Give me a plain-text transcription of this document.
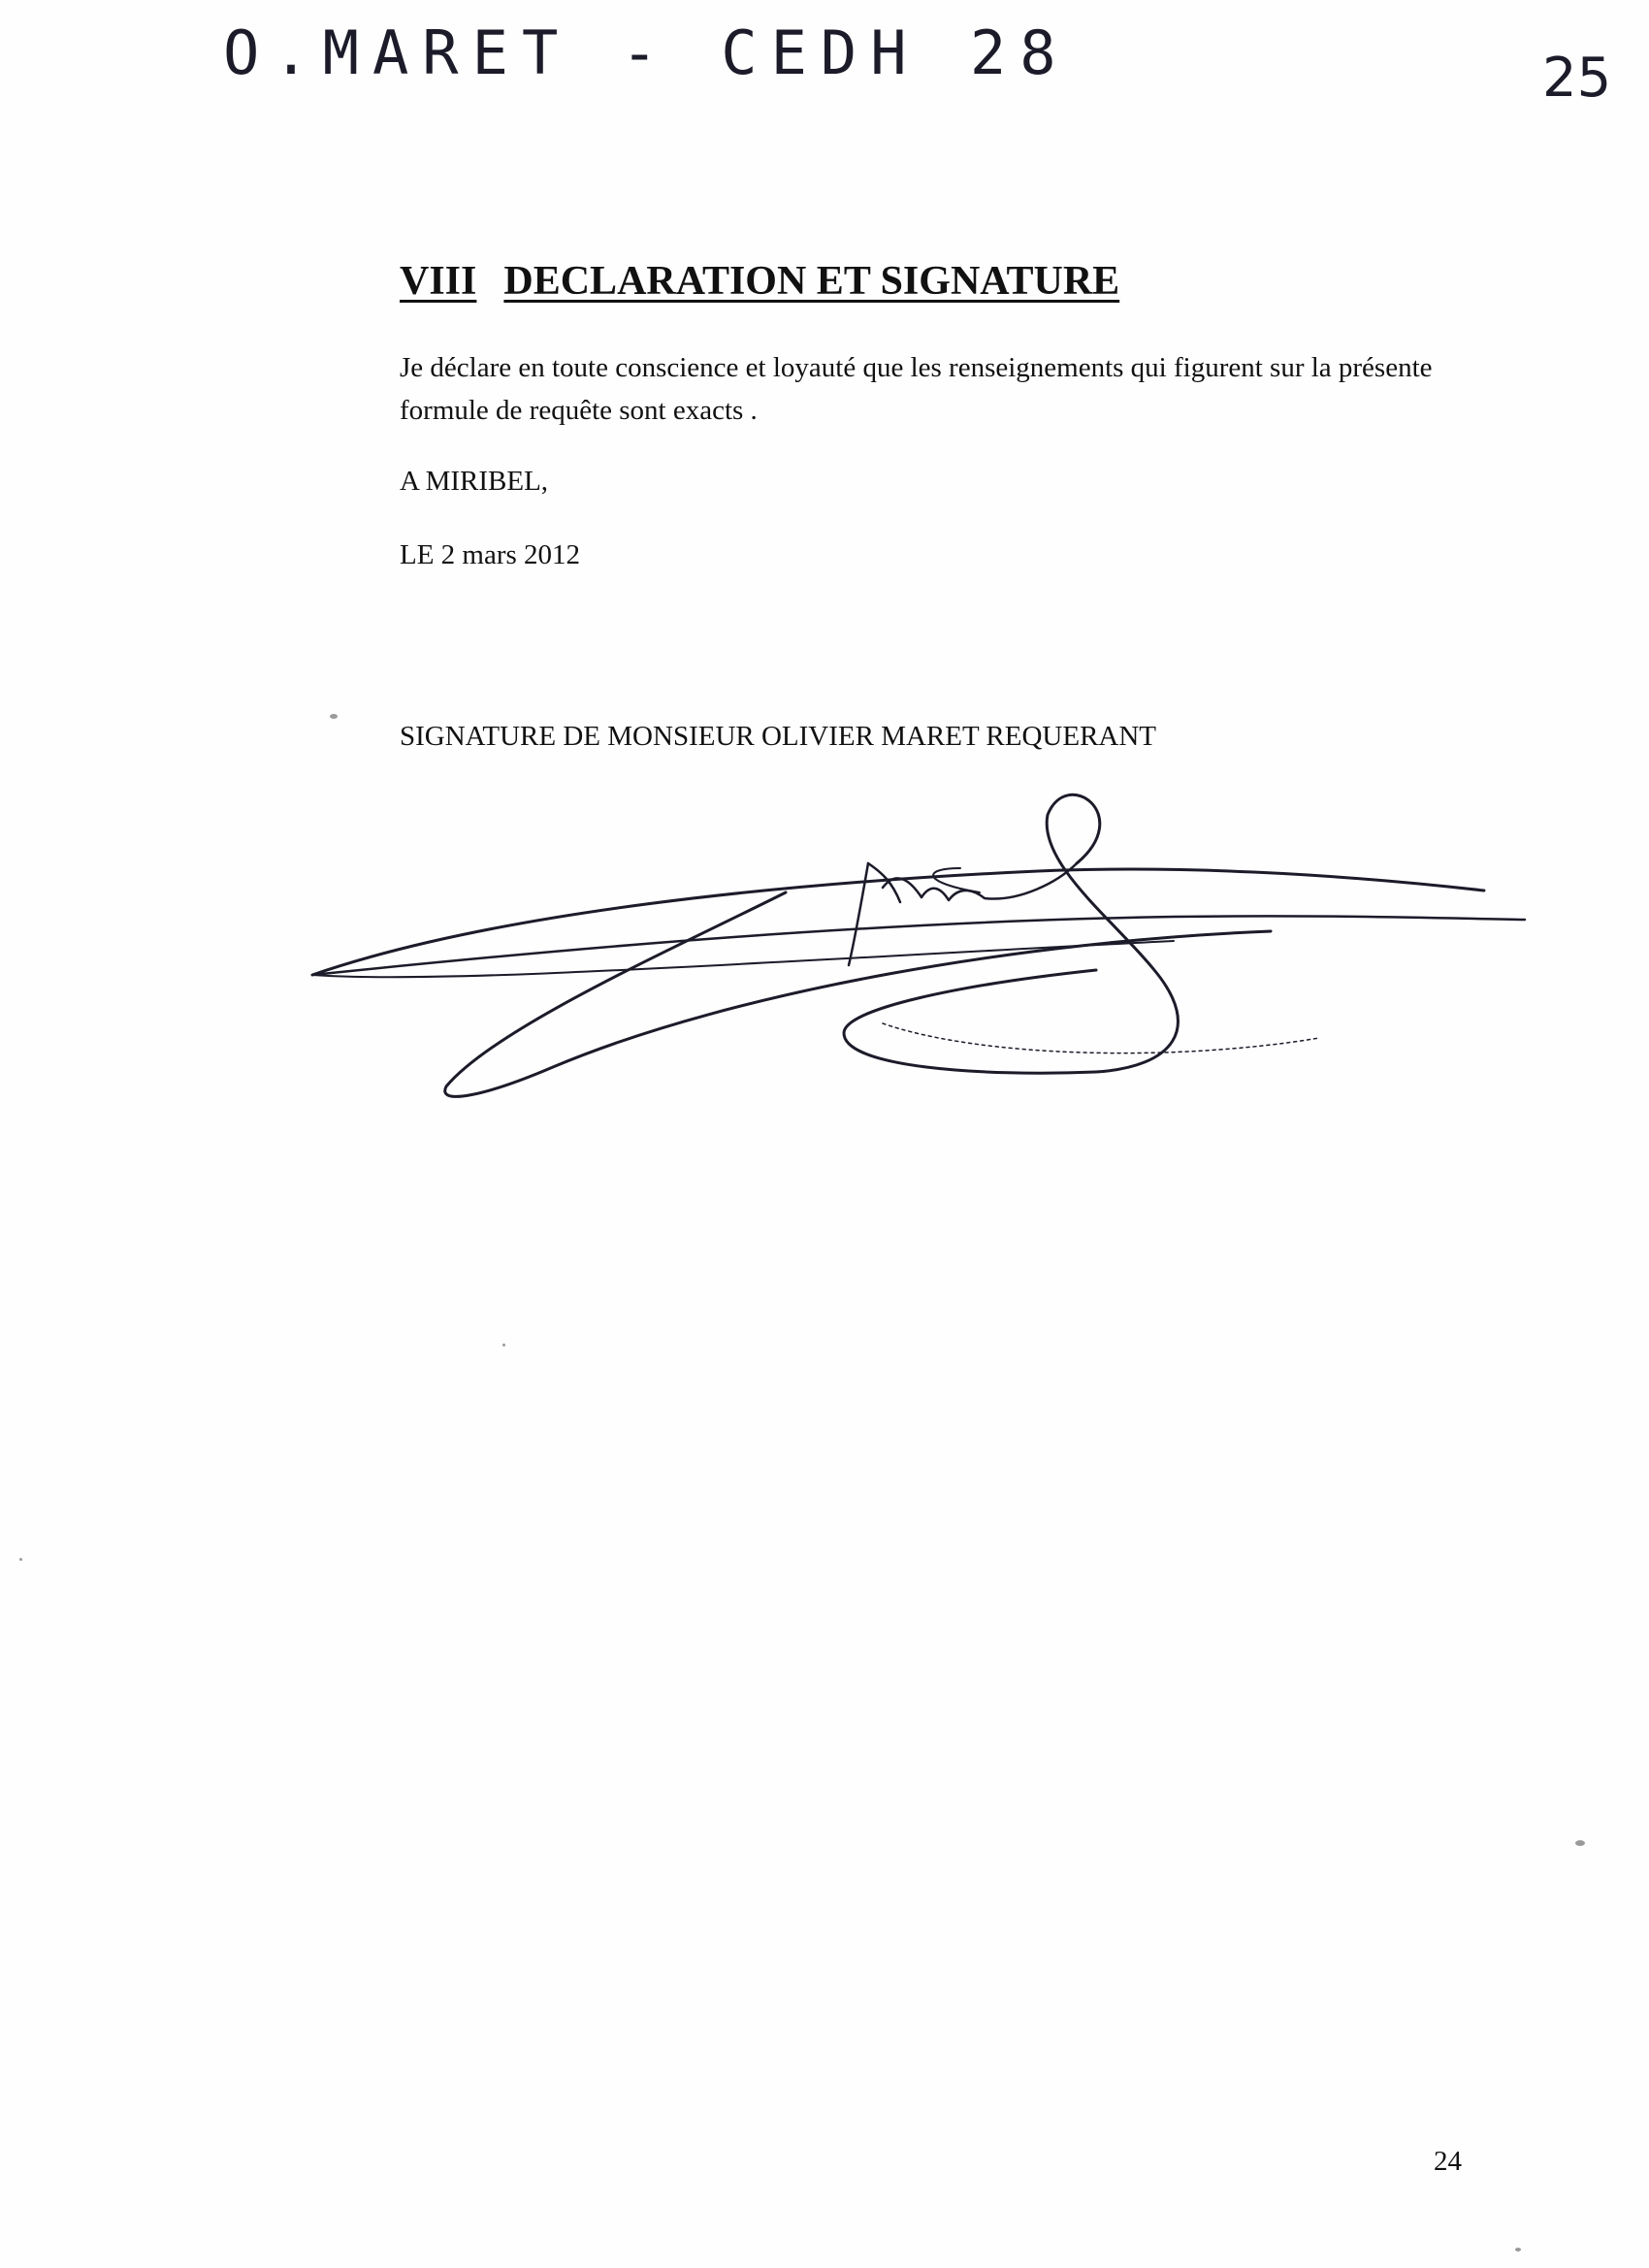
O.MARET - CEDH 28	25
VIII DECLARATION ET SIGNATURE
Je déclare en toute conscience et loyauté que les renseignements qui figurent sur la présente formule de requête sont exacts .
A MIRIBEL,
LE 2 mars 2012
SIGNATURE DE MONSIEUR OLIVIER MARET REQUERANT
24
